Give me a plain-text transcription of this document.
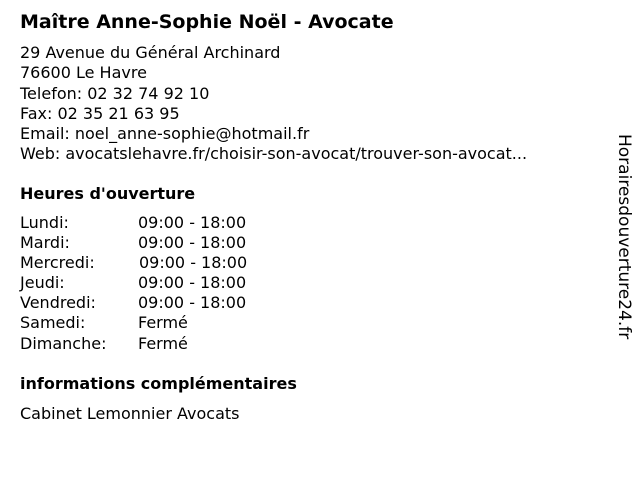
Maître Anne-Sophie Noël - Avocate
29 Avenue du Général Archinard
76600 Le Havre
Telefon: 02 32 74 92 10
Fax: 02 35 21 63 95
Email: noel_anne-sophie@hotmail.fr
Web: avocatslehavre.fr/choisir-son-avocat/trouver-son-avocat...
Heures d'ouverture
Lundi:	09:00 - 18:00
Mardi:	09:00 - 18:00
Mercredi:	09:00 - 18:00
Jeudi:	09:00 - 18:00
Vendredi:	09:00 - 18:00
Samedi:	Fermé
Dimanche: Fermé
informations complémentaires
Cabinet Lemonnier Avocats
Horairesdouverture24.fr
